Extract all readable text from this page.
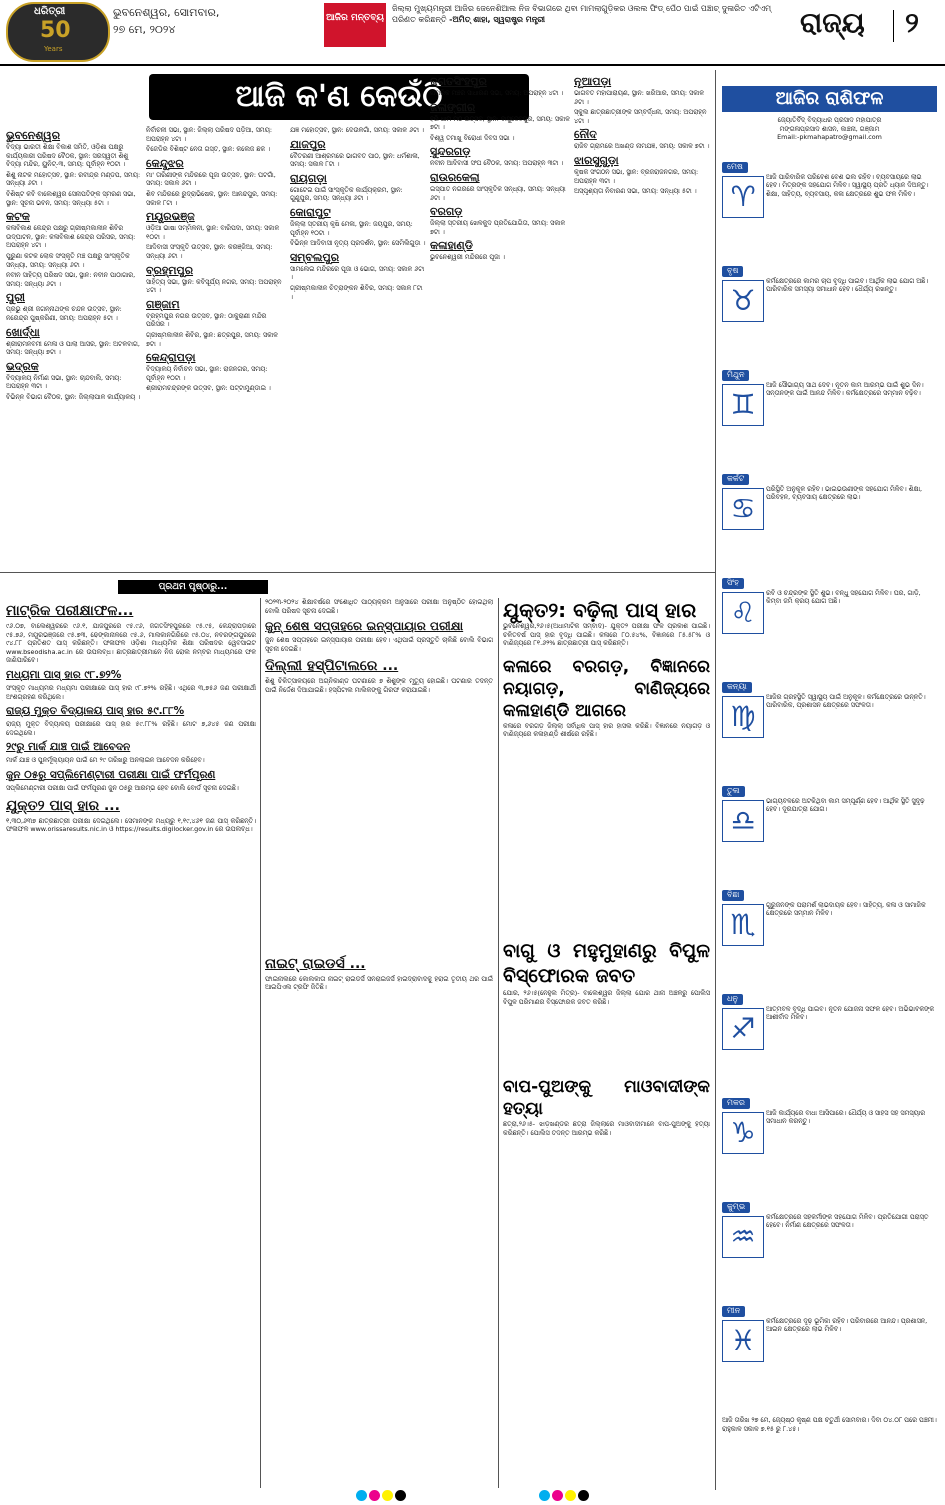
ଧରିତ୍ରୀ
50
Years
ଭୁବନେଶ୍ୱର, ସୋମବାର,
୨୭ ମେ, ୨୦୨୪
ଆଜିର ମନ୍ତବ୍ୟ
ଜିଲ୍ଲା ମୁଖ୍ୟମନ୍ତ୍ରୀ ଆଜିର ଜେନେଶିଆଲ ନିଜ ବିଭାଗରେ ଥିବା ମାମଲାଗୁଡ଼ିକର ଓଲଲ ଫିଡ୍ ପେଁଠ ପାଇଁ ପଞ୍ଚାଚ୍ ଦୁଳାରିତ ଏଟିଏମ୍ ପରିଣତ କରିଛନ୍ତି -ଅମିତ୍ ଶାହା, ସ୍ୱରାଷ୍ଟ୍ର ମନ୍ତ୍ରୀ	ରାଜ୍ୟ ୨
ଆଜି କ'ଣ କେଉଁଠି
ଭୁବନେଶ୍ୱର
ବିଦ୍ୟା ଭାରତୀ ଶିକ୍ଷା ବିକାଶ ସମିତି, ଓଡ଼ିଶା ପକ୍ଷରୁ କାର୍ଯ୍ୟକାରୀ ପରିଷଦ ବୈଠକ, ସ୍ଥାନ: ସରସ୍ୱତୀ ଶିଶୁ ବିଦ୍ୟା ମନ୍ଦିର, ୟୁନିଟ୍-୩, ସମୟ: ପୂର୍ବାହ୍ନ ୧୦ଟା ।
ଶିଶୁ ନାଟକ ମହୋତ୍ସବ, ସ୍ଥାନ: ରବୀନ୍ଦ୍ର ମଣ୍ଡପ, ସମୟ: ସନ୍ଧ୍ୟା ୬ଟା ।
ବିଶିଷ୍ଟ କବି ବାଲେଶ୍ୱର ସେନାପତିଙ୍କ ସ୍ମରଣ ସଭା, ସ୍ଥାନ: ସୂଚନା ଭବନ, ସମୟ: ସନ୍ଧ୍ୟା ୫ଟା ।
କଟକ
କଳାବିକାଶ କେନ୍ଦ୍ର ପକ୍ଷରୁ ଗ୍ରୀଷ୍ମକାଳୀନ ଶିବିର ଉଦ୍‌ଘାଟନ, ସ୍ଥାନ: କଳାବିକାଶ କେନ୍ଦ୍ର ପରିସର, ସମୟ: ଅପରାହ୍ନ ୪ଟା ।
ପୁରୁଣା କଟକ ଲୋକ ସଂସ୍କୃତି ମଞ୍ଚ ପକ୍ଷରୁ ସାଂସ୍କୃତିକ ସନ୍ଧ୍ୟା, ସମୟ: ସନ୍ଧ୍ୟା ୬ଟା ।
ନବୀନ ସାହିତ୍ୟ ପରିଷଦ ସଭା, ସ୍ଥାନ: ନବୀନ ପାଠାଗାର, ସମୟ: ସନ୍ଧ୍ୟା ୬ଟା ।
ପୁରୀ
ପ୍ରଭୁ ଶ୍ରୀ ଜଗନ୍ନାଥଙ୍କ ଚନ୍ଦନ ଉତ୍ସବ, ସ୍ଥାନ: ନରେନ୍ଦ୍ର ପୁଷ୍କରିଣୀ, ସମୟ: ଅପରାହ୍ନ ୫ଟା ।
ଖୋର୍ଦ୍ଧା
ଶ୍ରୀରାମନବମୀ ମେଳା ଓ ପାଲା ଆସର, ସ୍ଥାନ: ଅଟଳବାଗ, ସମୟ: ସନ୍ଧ୍ୟା ୭ଟା ।
ଭଦ୍ରକ
ବିଦ୍ୟାଳୟ ନିର୍ମାଣ ସଭା, ସ୍ଥାନ: ଚାନ୍ଦବାଲି, ସମୟ: ଅପରାହ୍ନ ୩ଟା ।
ବିଭିନ୍ନ ବିଭାଗ ବୈଠକ, ସ୍ଥାନ: ଜିଲ୍ଲାପାଳ କାର୍ଯ୍ୟାଳୟ ।
ନିର୍ବାଚନୀ ସଭା, ସ୍ଥାନ: ଜିଲ୍ଲା ପରିଷଦ ପଡ଼ିଆ, ସମୟ: ଅପରାହ୍ନ ୪ଟା ।
ବିଜେଡିର ବିଶିଷ୍ଟ ନେତା ଗସ୍ତ, ସ୍ଥାନ: କଲେଜ ଛକ ।
କେନ୍ଦୁଝର
ମା' ତାରିଣୀଙ୍କ ମନ୍ଦିରରେ ପୂଜା ଉତ୍ସବ, ସ୍ଥାନ: ଘଟଗାଁ, ସମୟ: ସକାଳ ୬ଟା ।
ଶିବ ମନ୍ଦିରରେ ରୁଦ୍ରାଭିଷେକ, ସ୍ଥାନ: ଆନନ୍ଦପୁର, ସମୟ: ସକାଳ ୮ଟା ।
ମୟୂରଭଞ୍ଜ
ଓଡ଼ିଆ ଭାଷା ସମ୍ମିଳନୀ, ସ୍ଥାନ: ବାରିପଦା, ସମୟ: ସକାଳ ୧୦ଟା ।
ଆଦିବାସୀ ସଂସ୍କୃତି ଉତ୍ସବ, ସ୍ଥାନ: କରଞ୍ଜିଆ, ସମୟ: ସନ୍ଧ୍ୟା ୬ଟା ।
ବ୍ରହ୍ମପୁର
ସାହିତ୍ୟ ସଭା, ସ୍ଥାନ: କବିସୂର୍ଯ୍ୟ ନଗର, ସମୟ: ଅପରାହ୍ନ ୪ଟା ।
ଗଞ୍ଜାମ
ବ୍ରହ୍ମପୁର ନଗର ଉତ୍ସବ, ସ୍ଥାନ: ଠାକୁରାଣୀ ମନ୍ଦିର ପରିସର ।
ଗ୍ରୀଷ୍ମକାଳୀନ ଶିବିର, ସ୍ଥାନ: ଛତ୍ରପୁର, ସମୟ: ସକାଳ ୭ଟା ।
କେନ୍ଦ୍ରାପଡ଼ା
ବିଦ୍ୟାଳୟ ନିର୍ବାଚନ ସଭା, ସ୍ଥାନ: ରାଜନଗର, ସମୟ: ପୂର୍ବାହ୍ନ ୧୦ଟା ।
ଶ୍ରୀରାମଚନ୍ଦ୍ରଙ୍କ ଉତ୍ସବ, ସ୍ଥାନ: ପଟ୍ଟାମୁଣ୍ଡାଇ ।
ଯଜ୍ଞ ମହୋତ୍ସବ, ସ୍ଥାନ: ଦେଉଳଗାଁ, ସମୟ: ସକାଳ ୬ଟା ।
ଯାଜପୁର
ବୈତରଣୀ ଆଶ୍ରମରେ ଭାଗବତ ପାଠ, ସ୍ଥାନ: ଧର୍ମଶାଳା, ସମୟ: ସକାଳ ୮ଟା ।
ରାୟଗଡ଼ା
ଗୋଟେଇ ପାଇଁ ସାଂସ୍କୃତିକ କାର୍ଯ୍ୟକ୍ରମ, ସ୍ଥାନ: ଗୁଣୁପୁର, ସମୟ: ସନ୍ଧ୍ୟା ୬ଟା ।
କୋରାପୁଟ
ଜିଲ୍ଲା ସ୍ତରୀୟ କୃଷି ମେଳା, ସ୍ଥାନ: ଜୟପୁର, ସମୟ: ପୂର୍ବାହ୍ନ ୧୦ଟା ।
ବିଭିନ୍ନ ଆଦିବାସୀ ନୃତ୍ୟ ପ୍ରଦର୍ଶନ, ସ୍ଥାନ: ସେମିଲିଗୁଡ଼ା ।
ସମ୍ବଲପୁର
ସାମଲେଇ ମନ୍ଦିରରେ ପୂଜା ଓ ଭୋଗ, ସମୟ: ସକାଳ ୬ଟା ।
ଗ୍ରୀଷ୍ମକାଳୀନ ଚିତ୍ରାଙ୍କନ ଶିବିର, ସମୟ: ସକାଳ ୮ଟା ।
ଜଗତସିଂହପୁର
ନାଗରିକ ମଞ୍ଚର ସାଧାରଣ ସଭା, ସମୟ: ଅପରାହ୍ନ ୪ଟା ।
ଜଳାଙ୍ଗୀର
ହରି ଧାମ ମଠ ଉତ୍ସବ, ସ୍ଥାନ: ବାସୁଦେବପୁର, ସମୟ: ସକାଳ ୭ଟା ।
ବିଶ୍ୱ ତମାଖୁ ବିରୋଧୀ ଦିବସ ସଭା ।
ସୁନ୍ଦରଗଡ଼
ନବୀନ ଆଦିବାସୀ ସଂଘ ବୈଠକ, ସମୟ: ଅପରାହ୍ନ ୩ଟା ।
ରାଉରକେଲା
ଇସ୍ପାତ ନଗରରେ ସାଂସ୍କୃତିକ ସନ୍ଧ୍ୟା, ସମୟ: ସନ୍ଧ୍ୟା ୬ଟା ।
ବରଗଡ଼
ଜିଲ୍ଲା ସ୍ତରୀୟ ଖେଳକୁଦ ପ୍ରତିଯୋଗିତା, ସମୟ: ସକାଳ ୭ଟା ।
କଳାହାଣ୍ଡି
ଭୁବନେଶ୍ୱରୀ ମନ୍ଦିରରେ ପୂଜା ।
ନୂଆପଡ଼ା
ଭାଗବତ ମହାପାରାୟଣ, ସ୍ଥାନ: ଖରିଆର, ସମୟ: ସକାଳ ୬ଟା ।
ସ୍କୁଲ ଛାତ୍ରଛାତ୍ରୀଙ୍କ ସମ୍ବର୍ଦ୍ଧନା, ସମୟ: ଅପରାହ୍ନ ୪ଟା ।
ନୌଦ
ରାଜିବ ଗ୍ରାମରେ ଅଖଣ୍ଡ ନାମଯଜ୍ଞ, ସମୟ: ସକାଳ ୭ଟା ।
ଝାରସୁଗୁଡ଼ା
କୃଷକ ସଂଗଠନ ସଭା, ସ୍ଥାନ: ବ୍ରଜରାଜନଗର, ସମୟ: ଅପରାହ୍ନ ୩ଟା ।
ଅସ୍ପୃଶ୍ୟତା ନିବାରଣ ସଭା, ସମୟ: ସନ୍ଧ୍ୟା ୫ଟା ।
ପ୍ରଥମ ପୃଷ୍ଠାରୁ...
ମାଟ୍ରିକ ପରୀକ୍ଷାଫଳ...
୯୬.୦୭, ବାଲେଶ୍ୱରରେ ୯୬.୧, ଯାଜପୁରରେ ୯୫.୯୬, ଜଗତସିଂହପୁରରେ ୯୫.୯୫, କେନ୍ଦ୍ରାପଡ଼ାରେ ୯୫.୭୬, ମୟୂରଭଞ୍ଜରେ ୯୫.୭୩, ଢେଙ୍କାନାଳରେ ୯୫.୬, ମାଲକାନଗିରିରେ ୯୫.୦୪, ନବରଙ୍ଗପୁରରେ ୯୪.୮୮ ପ୍ରତିଶତ ପାସ୍ କରିଛନ୍ତି। ଫଳାଫଳ ଓଡ଼ିଶା ମାଧ୍ୟମିକ ଶିକ୍ଷା ପରିଷଦର ୱେବସାଇଟ www.bseodisha.ac.in ରେ ଉପଲବ୍ଧ। ଛାତ୍ରଛାତ୍ରୀମାନେ ନିଜ ରୋଲ ନମ୍ବର ମାଧ୍ୟମରେ ଫଳ ଜାଣିପାରିବେ।
ମଧ୍ୟମା ପାସ୍ ହାର ୯୮.୭୨%
ସଂସ୍କୃତ ମାଧ୍ୟମର ମଧ୍ୟମା ପରୀକ୍ଷାରେ ପାସ୍ ହାର ୯୮.୭୨% ରହିଛି। ଏଥିରେ ୩,୭୫୬ ଜଣ ପରୀକ୍ଷାର୍ଥୀ ଅଂଶଗ୍ରହଣ କରିଥିଲେ।
ରାଜ୍ୟ ମୁକ୍ତ ବିଦ୍ୟାଳୟ ପାସ୍ ହାର ୫୯.୮୮%
ରାଜ୍ୟ ମୁକ୍ତ ବିଦ୍ୟାଳୟ ପରୀକ୍ଷାରେ ପାସ୍ ହାର ୫୯.୮୮% ରହିଛି। ମୋଟ ୭,୬୪୫ ଜଣ ପରୀକ୍ଷା ଦେଇଥିଲେ।
୨୯ରୁ ମାର୍କ ଯାଞ୍ଚ ପାଇଁ ଆବେଦନ
ମାର୍କ ଯାଞ୍ଚ ଓ ପୁନର୍ମୂଲ୍ୟାୟନ ପାଇଁ ମେ ୨୯ ତାରିଖରୁ ଅନଲାଇନ ଆବେଦନ କରିହେବ।
ଜୁନ ୦୫ରୁ ସପ୍ଲିମେଣ୍ଟାରୀ ପରୀକ୍ଷା ପାଇଁ ଫର୍ମପୂରଣ
ସପ୍ଲିମେଣ୍ଟାରୀ ପରୀକ୍ଷା ପାଇଁ ଫର୍ମପୂରଣ ଜୁନ ୦୫ରୁ ଆରମ୍ଭ ହେବ ବୋଲି ବୋର୍ଡ ସୂଚନା ଦେଇଛି।
ଯୁକ୍ତ୨ ପାସ୍ ହାର ...
୧,୩୦,୬୩୭ ଛାତ୍ରଛାତ୍ରୀ ପରୀକ୍ଷା ଦେଇଥିଲେ। ସେମାନଙ୍କ ମଧ୍ୟରୁ ୧,୧୯,୪୬୧ ଜଣ ପାସ୍ କରିଛନ୍ତି। ଫଳାଫଳ www.orissaresults.nic.in ଓ https://results.digilocker.gov.in ରେ ଉପଲବ୍ଧ।
୨୦୨୩-୨୦୨୪ ଶିକ୍ଷାବର୍ଷରେ ସଂଶୋଧିତ ପାଠ୍ୟକ୍ରମ ଅନୁସାରେ ପରୀକ୍ଷା ଅନୁଷ୍ଠିତ ହୋଇଥିଲା ବୋଲି ପରିଷଦ ସୂଚନା ଦେଇଛି।
ଜୁନ୍ ଶେଷ ସପ୍ତାହରେ ଇନ୍‌ସ୍ପାୟାର ପରୀକ୍ଷା
ଜୁନ ଶେଷ ସପ୍ତାହରେ ଇନ୍‌ସ୍ପାୟାର ପରୀକ୍ଷା ହେବ। ଏଥିପାଇଁ ପ୍ରସ୍ତୁତି ଚାଲିଛି ବୋଲି ବିଭାଗ ସୂଚନା ଦେଇଛି।
ଦିଲ୍ଲୀ ହସ୍ପିଟାଲରେ ...
ଶିଶୁ ଚିକିତ୍ସାଳୟରେ ଅଗ୍ନିକାଣ୍ଡ ଘଟଣାରେ ୭ ଶିଶୁଙ୍କ ମୃତ୍ୟୁ ହୋଇଛି। ଘଟଣାର ତଦନ୍ତ ପାଇଁ ନିର୍ଦ୍ଦେଶ ଦିଆଯାଇଛି। ହସ୍ପିଟାଲ ମାଲିକଙ୍କୁ ଗିରଫ କରାଯାଇଛି।
ନାଇଟ୍ ରାଇଡର୍ସ ...
ଫାଇନାଲରେ କୋଲକାତା ନାଇଟ୍ ରାଇଡର୍ସ ସନରାଇଜର୍ସ ହାଇଦ୍ରାବାଦକୁ ହରାଇ ତୃତୀୟ ଥର ପାଇଁ ଆଇପିଏଲ ଟ୍ରଫି ଜିତିଛି।
ଯୁକ୍ତ୨: ବଢ଼ିଲା ପାସ୍ ହାର
ଭୁବନେଶ୍ୱର,୨୬।୫(ଅଧାମାଟିକ ସମ୍ବାଦ)- ଯୁକ୍ତ୨ ପରୀକ୍ଷା ଫଳ ପ୍ରକାଶ ପାଇଛି। ଚଳିତବର୍ଷ ପାସ୍ ହାର ବୃଦ୍ଧି ପାଇଛି। କଳାରେ ୮୦.୫୪%, ବିଜ୍ଞାନରେ ୮୫.୫୮% ଓ ବାଣିଜ୍ୟରେ ୮୧.୬୨% ଛାତ୍ରଛାତ୍ରୀ ପାସ୍ କରିଛନ୍ତି।
କଳାରେ ବରଗଡ଼, ବିଜ୍ଞାନରେ ନୟାଗଡ଼, ବାଣିଜ୍ୟରେ କଳାହାଣ୍ଡି ଆଗରେ
କଳାରେ ବରଗଡ଼ ଜିଲ୍ଲା ସର୍ବାଧିକ ପାସ୍ ହାର ହାସଲ କରିଛି। ବିଜ୍ଞାନରେ ନୟାଗଡ଼ ଓ ବାଣିଜ୍ୟରେ କଳାହାଣ୍ଡି ଶୀର୍ଷରେ ରହିଛି।
ବାଗୁ ଓ ମହୁମୁହାଣରୁ ବିପୁଳ ବିସ୍ଫୋରକ ଜବତ
ଯୋର, ୨୬।୫(ନେହୁଲ ମିତ୍ର)- ବାଲେଶ୍ୱର ଜିଲ୍ଲା ଯୋର ଥାନା ଅଞ୍ଚଳରୁ ପୋଲିସ ବିପୁଳ ପରିମାଣର ବିସ୍ଫୋରକ ଜବତ କରିଛି।
ବାପ-ପୁଅଙ୍କୁ ମାଓବାଦୀଙ୍କ ହତ୍ୟା
ଛତ୍ରା,୨୬।୫- ଝାଡ଼ଖଣ୍ଡର ଛତ୍ରା ଜିଲ୍ଲାରେ ମାଓବାଦୀମାନେ ବାପ-ପୁଅଙ୍କୁ ହତ୍ୟା କରିଛନ୍ତି। ପୋଲିସ ତଦନ୍ତ ଆରମ୍ଭ କରିଛି।
ଆଜିର ରାଶିଫଳ
ଜ୍ୟୋତିର୍ବିଦ୍ ବିଦ୍ୟାଧର ପ୍ରସାଦ ମହାପାତ୍ର
ମଙ୍ଗଳାପ୍ରସାଦ ଶାସନ, କାଞ୍ଚନା, ଗଞ୍ଜାମ
Email:-pkmahapatro@gmail.com
ମେଷ
♈
ଆଜି ପାରିବାରିକ ପରିବେଶ ବେଶ ଭଲ ରହିବ। ବ୍ୟବସାୟରେ ଲାଭ ହେବ। ମିତ୍ରଙ୍କ ସହଯୋଗ ମିଳିବ। ସ୍ୱାସ୍ଥ୍ୟ ପ୍ରତି ଧ୍ୟାନ ଦିଅନ୍ତୁ। ଶିକ୍ଷା, ସାହିତ୍ୟ, ବ୍ୟବସାୟ, କଳା କ୍ଷେତ୍ରରେ ଶୁଭ ଫଳ ମିଳିବ।
ବୃଷ
♉
କର୍ମକ୍ଷେତ୍ରରେ କାମର ଚାପ ବୃଦ୍ଧି ପାଇବ। ଆର୍ଥିକ ଲାଭ ଯୋଗ ଅଛି। ପାରିବାରିକ ସମସ୍ୟା ସମାଧାନ ହେବ। ଧୈର୍ଯ୍ୟ ରଖନ୍ତୁ।
ମିଥୁନ
♊
ଆଜି ସୌଭାଗ୍ୟ ସାଥ ଦେବ। ନୂତନ କାମ ଆରମ୍ଭ ପାଇଁ ଶୁଭ ଦିନ। ସନ୍ତାନଙ୍କ ପାଇଁ ଆନନ୍ଦ ମିଳିବ। କର୍ମକ୍ଷେତ୍ରରେ ସମ୍ମାନ ବଢ଼ିବ।
କର୍କଟ
♋
ପରିସ୍ଥିତି ଅନୁକୂଳ ରହିବ। ଭାଇଭଉଣୀଙ୍କ ସହଯୋଗ ମିଳିବ। ଶିକ୍ଷା, ପରିବହନ, ବ୍ୟବସାୟ କ୍ଷେତ୍ରରେ ଲାଭ।
ସିଂହ
♌
ରବି ଓ ଚନ୍ଦ୍ରଙ୍କ ସ୍ଥିତି ଶୁଭ। ବନ୍ଧୁ ସହଯୋଗ ମିଳିବ। ଘର, ଗାଡ଼ି, କିମ୍ବା ଜମି କ୍ରୟ ଯୋଗ ଅଛି।
କନ୍ୟା
♍
ଆଜିର ଗ୍ରହସ୍ଥିତି ସ୍ୱାସ୍ଥ୍ୟ ପାଇଁ ଅନୁକୂଳ। କର୍ମକ୍ଷେତ୍ରରେ ଉନ୍ନତି। ପାରିବାରିକ, ପ୍ରଶାସନ କ୍ଷେତ୍ରରେ ସଫଳତା।
ତୁଳା
♎
ଭାଗ୍ୟବଳରେ ଅଟକିଥିବା କାମ ସମ୍ପୂର୍ଣ୍ଣ ହେବ। ଆର୍ଥିକ ସ୍ଥିତି ସୁଦୃଢ଼ ହେବ। ଦୂରଯାତ୍ରା ଯୋଗ।
ବିଛା
♏
ଗୁରୁଜନଙ୍କ ପରାମର୍ଶ ଲାଭଦାୟକ ହେବ। ସାହିତ୍ୟ, କଳା ଓ ସାମାଜିକ କ୍ଷେତ୍ରରେ ସମ୍ମାନ ମିଳିବ।
ଧନୁ
♐
ଆତ୍ମବଳ ବୃଦ୍ଧି ପାଇବ। ନୂତନ ଯୋଜନା ସଫଳ ହେବ। ଅଭିଭାବକଙ୍କ ଆଶୀର୍ବାଦ ମିଳିବ।
ମକର
♑
ଆଜି କାର୍ଯ୍ୟରେ ବାଧା ଆସିପାରେ। ଧୈର୍ଯ୍ୟ ଓ ସାହସ ସହ ସମସ୍ୟାର ସମାଧାନ କରନ୍ତୁ।
କୁମ୍ଭ
♒
କର୍ମକ୍ଷେତ୍ରରେ ସହକର୍ମୀଙ୍କ ସହଯୋଗ ମିଳିବ। ପ୍ରତିଯୋଗୀ ପରାସ୍ତ ହେବେ। ନିର୍ମାଣ କ୍ଷେତ୍ରରେ ସଫଳତା।
ମୀନ
♓
କର୍ମକ୍ଷେତ୍ରରେ ଦୃଢ଼ ଭୂମିକା ରହିବ। ପରିବାରରେ ଆନନ୍ଦ। ପ୍ରଶାସନ, ଆଇନ କ୍ଷେତ୍ରରେ ଲାଭ ମିଳିବ।
ଆଜି ତାରିଖ ୨୭ ମେ, ଜ୍ୟେଷ୍ଠ କୃଷ୍ଣ ପକ୍ଷ ଚତୁର୍ଥୀ ସୋମବାର। ଦିବା ୦୪.୦୮ ପରେ ପଞ୍ଚମୀ। ରାହୁକାଳ ସକାଳ ୭.୧୫ ରୁ ୮.୪୫।
